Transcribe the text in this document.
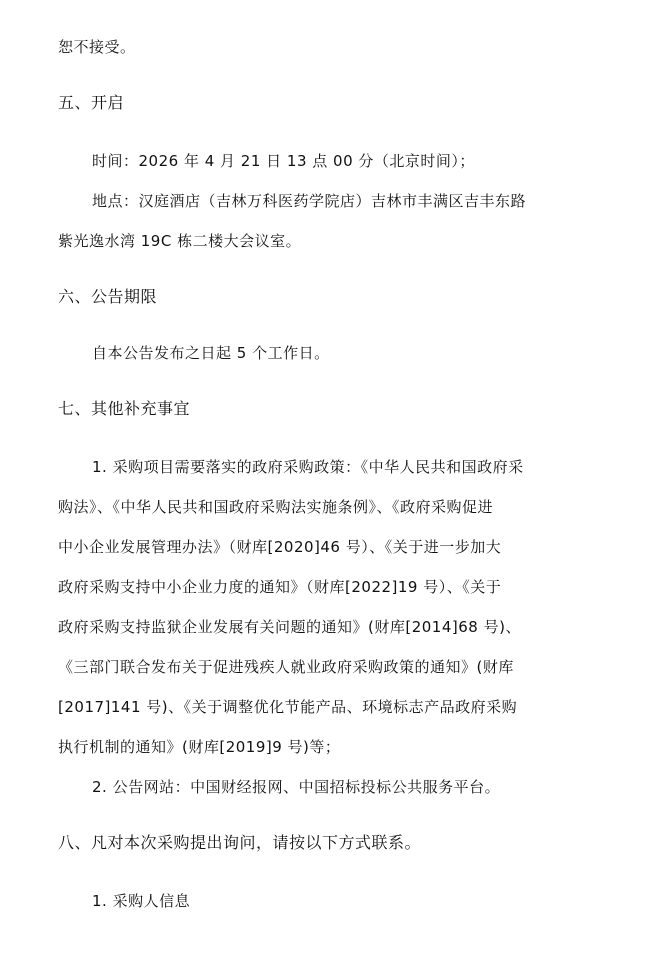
恕不接受。
五、开启
时间：2026 年 4 月 21 日 13 点 00 分（北京时间）；
地点：汉庭酒店（吉林万科医药学院店）吉林市丰满区吉丰东路
紫光逸水湾 19C 栋二楼大会议室。
六、公告期限
自本公告发布之日起 5 个工作日。
七、其他补充事宜
1. 采购项目需要落实的政府采购政策：《中华人民共和国政府采
购法》、《中华人民共和国政府采购法实施条例》、《政府采购促进
中小企业发展管理办法》（财库[2020]46 号）、《关于进一步加大
政府采购支持中小企业力度的通知》（财库[2022]19 号）、《关于
政府采购支持监狱企业发展有关问题的通知》(财库[2014]68 号)、
《三部门联合发布关于促进残疾人就业政府采购政策的通知》(财库
[2017]141 号)、《关于调整优化节能产品、环境标志产品政府采购
执行机制的通知》(财库[2019]9 号)等；
2. 公告网站：中国财经报网、中国招标投标公共服务平台。
八、凡对本次采购提出询问，请按以下方式联系。
1. 采购人信息
